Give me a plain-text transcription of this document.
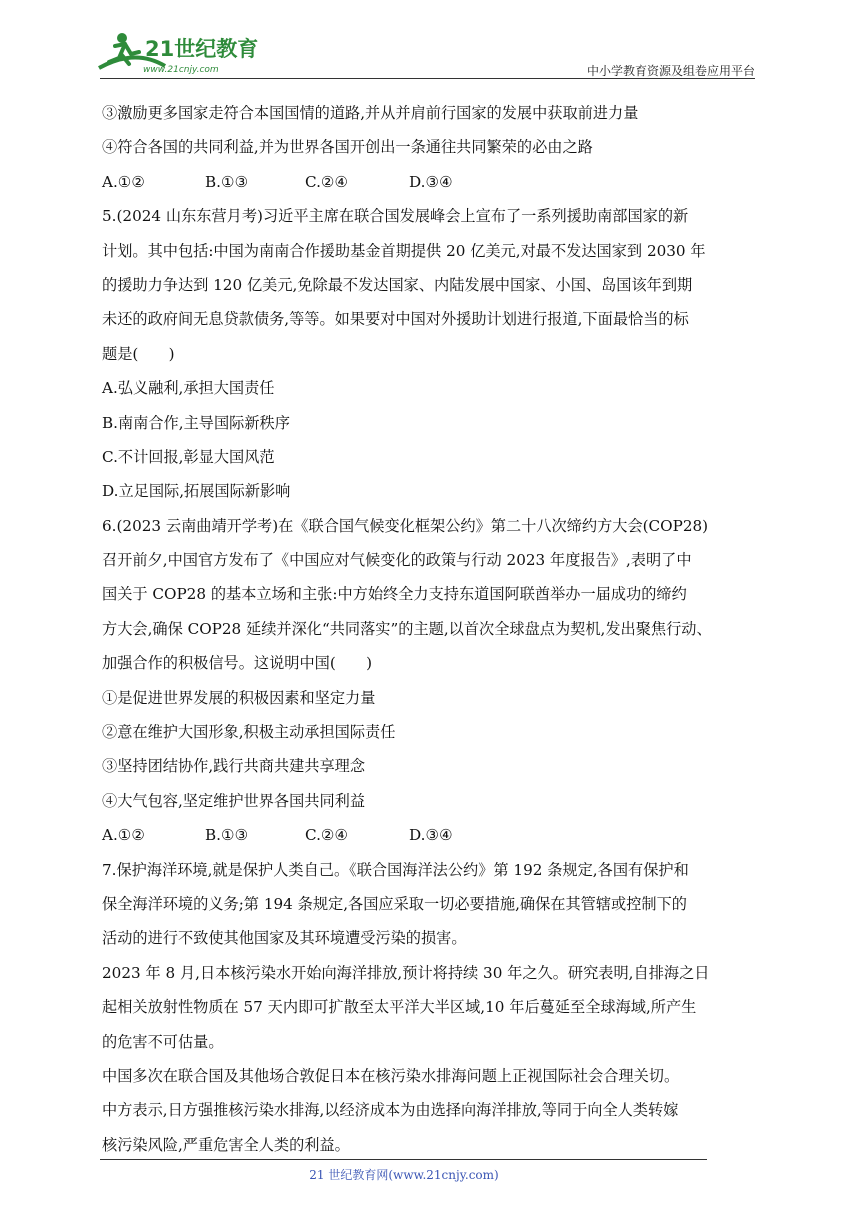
21世纪教育
www.21cnjy.com	中小学教育资源及组卷应用平台
③激励更多国家走符合本国国情的道路,并从并肩前行国家的发展中获取前进力量
④符合各国的共同利益,并为世界各国开创出一条通往共同繁荣的必由之路
A.①②	B.①③	C.②④	D.③④
5.(2024 山东东营月考)习近平主席在联合国发展峰会上宣布了一系列援助南部国家的新
计划。其中包括:中国为南南合作援助基金首期提供 20 亿美元,对最不发达国家到 2030 年
的援助力争达到 120 亿美元,免除最不发达国家、内陆发展中国家、小国、岛国该年到期
未还的政府间无息贷款债务,等等。如果要对中国对外援助计划进行报道,下面最恰当的标
题是(　　)
A.弘义融利,承担大国责任
B.南南合作,主导国际新秩序
C.不计回报,彰显大国风范
D.立足国际,拓展国际新影响
6.(2023 云南曲靖开学考)在《联合国气候变化框架公约》第二十八次缔约方大会(COP28)
召开前夕,中国官方发布了《中国应对气候变化的政策与行动 2023 年度报告》,表明了中
国关于 COP28 的基本立场和主张:中方始终全力支持东道国阿联酋举办一届成功的缔约
方大会,确保 COP28 延续并深化“共同落实”的主题,以首次全球盘点为契机,发出聚焦行动、
加强合作的积极信号。这说明中国(　　)
①是促进世界发展的积极因素和坚定力量
②意在维护大国形象,积极主动承担国际责任
③坚持团结协作,践行共商共建共享理念
④大气包容,坚定维护世界各国共同利益
A.①②	B.①③	C.②④	D.③④
7.保护海洋环境,就是保护人类自己。《联合国海洋法公约》第 192 条规定,各国有保护和
保全海洋环境的义务;第 194 条规定,各国应采取一切必要措施,确保在其管辖或控制下的
活动的进行不致使其他国家及其环境遭受污染的损害。
2023 年 8 月,日本核污染水开始向海洋排放,预计将持续 30 年之久。研究表明,自排海之日
起相关放射性物质在 57 天内即可扩散至太平洋大半区域,10 年后蔓延至全球海域,所产生
的危害不可估量。
中国多次在联合国及其他场合敦促日本在核污染水排海问题上正视国际社会合理关切。
中方表示,日方强推核污染水排海,以经济成本为由选择向海洋排放,等同于向全人类转嫁
核污染风险,严重危害全人类的利益。
21 世纪教育网(www.21cnjy.com)
